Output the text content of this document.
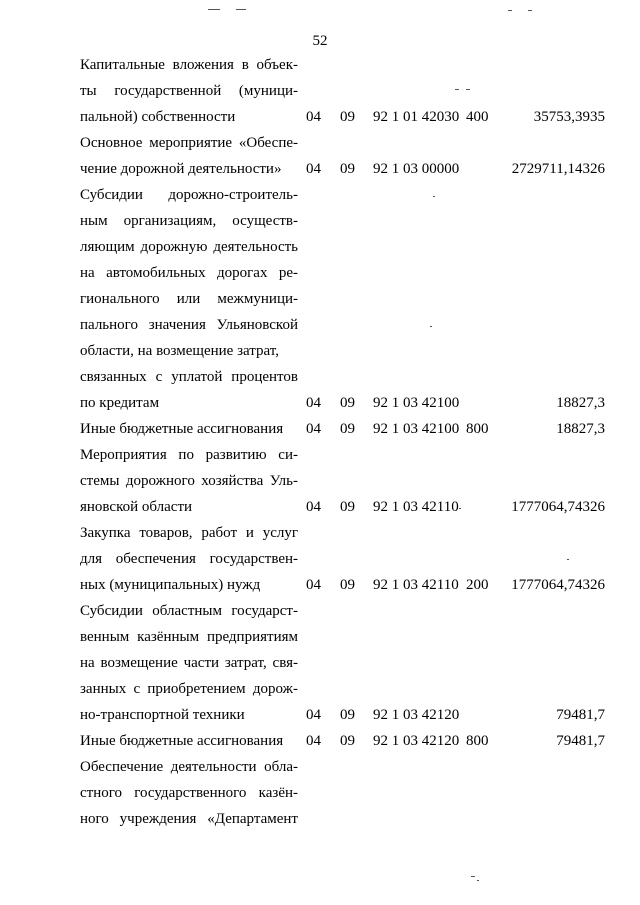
52
Капитальные вложения в объек-
ты государственной (муници-
пальной) собственности	04 09 92 1 01 42030 400	35753,3935
Основное мероприятие «Обеспе-
чение дорожной деятельности»	04 09 92 1 03 00000	2729711,14326
Субсидии дорожно-строитель-
ным организациям, осуществ-
ляющим дорожную деятельность
на автомобильных дорогах ре-
гионального или межмуници-
пального значения Ульяновской
области, на возмещение затрат,
связанных с уплатой процентов
по кредитам	04 09 92 1 03 42100	18827,3
Иные бюджетные ассигнования	04 09 92 1 03 42100 800	18827,3
Мероприятия по развитию си-
стемы дорожного хозяйства Уль-
яновской области	04 09 92 1 03 42110	1777064,74326
Закупка товаров, работ и услуг
для обеспечения государствен-
ных (муниципальных) нужд	04 09 92 1 03 42110 200	1777064,74326
Субсидии областным государст-
венным казённым предприятиям
на возмещение части затрат, свя-
занных с приобретением дорож-
но-транспортной техники	04 09 92 1 03 42120	79481,7
Иные бюджетные ассигнования	04 09 92 1 03 42120 800	79481,7
Обеспечение деятельности обла-
стного государственного казён-
ного учреждения «Департамент
